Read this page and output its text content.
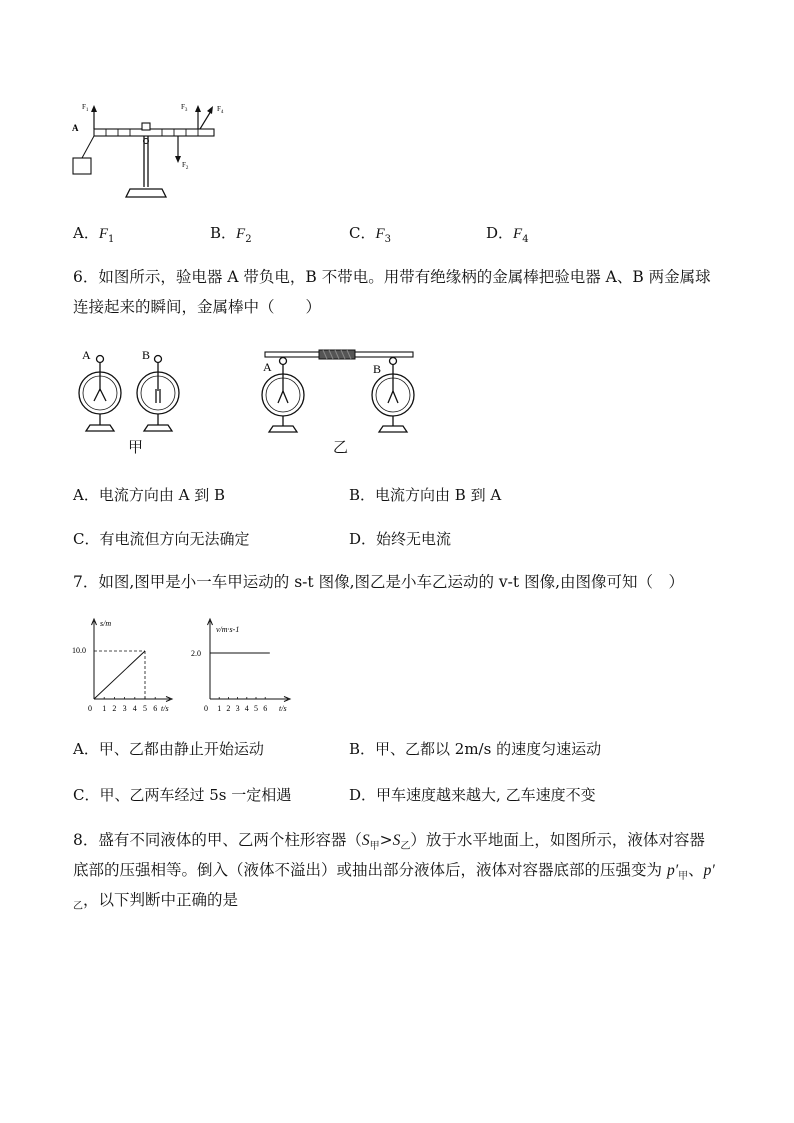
$F_1$	$F_3$	$F_4$
$F_2$
A
A．$F_1$	B．$F_2$	C．$F_3$	D．$F_4$
6．如图所示，验电器 A 带负电，B 不带电。用带有绝缘柄的金属棒把验电器 A、B 两金属球
连接起来的瞬间，金属棒中（　　）
A	B
甲
A	B
乙
A．电流方向由 A 到 B	B．电流方向由 B 到 A
C．有电流但方向无法确定	D．始终无电流
7．如图,图甲是小一车甲运动的 s-t 图像,图乙是小车乙运动的 v-t 图像,由图像可知（　）
s/m
t/s
10.0
0 1 2 3 4 5 6
v/m·s-1
t/s
2.0
0 1 2 3 4 5 6
A．甲、乙都由静止开始运动	B．甲、乙都以 2m/s 的速度匀速运动
C．甲、乙两车经过 5s 一定相遇	D．甲车速度越来越大, 乙车速度不变
8．盛有不同液体的甲、乙两个柱形容器$(S_甲>S_乙)$放于水平地面上，如图所示，液体对容器
底部的压强相等。倒入（液体不溢出）或抽出部分液体后，液体对容器底部的压强变为 $p'_甲$、p′
$_乙$，以下判断中正确的是
